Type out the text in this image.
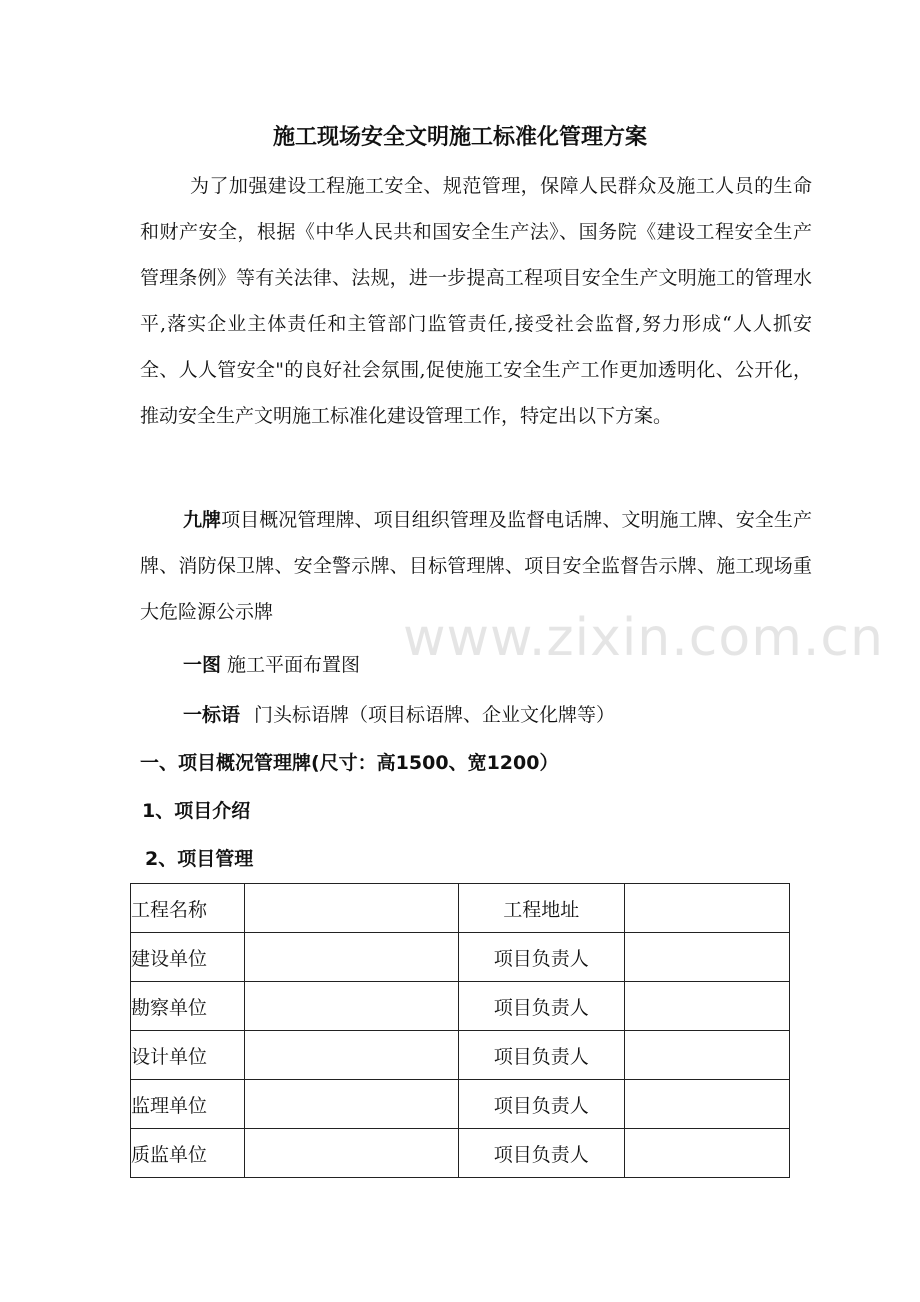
施工现场安全文明施工标准化管理方案
为了加强建设工程施工安全、规范管理，保障人民群众及施工人员的生命和财产安全，根据《中华人民共和国安全生产法》、国务院《建设工程安全生产管理条例》等有关法律、法规，进一步提高工程项目安全生产文明施工的管理水平,落实企业主体责任和主管部门监管责任,接受社会监督,努力形成“人人抓安全、人人管安全"的良好社会氛围,促使施工安全生产工作更加透明化、公开化，推动安全生产文明施工标准化建设管理工作，特定出以下方案。
九牌项目概况管理牌、项目组织管理及监督电话牌、文明施工牌、安全生产牌、消防保卫牌、安全警示牌、目标管理牌、项目安全监督告示牌、施工现场重大危险源公示牌
一图 施工平面布置图
一标语 门头标语牌（项目标语牌、企业文化牌等）
一、项目概况管理牌(尺寸：高1500、宽1200）
1、项目介绍
2、项目管理
工程名称		工程地址	
建设单位		项目负责人	
勘察单位		项目负责人	
设计单位		项目负责人	
监理单位		项目负责人	
质监单位		项目负责人	
www.zixin.com.cn
